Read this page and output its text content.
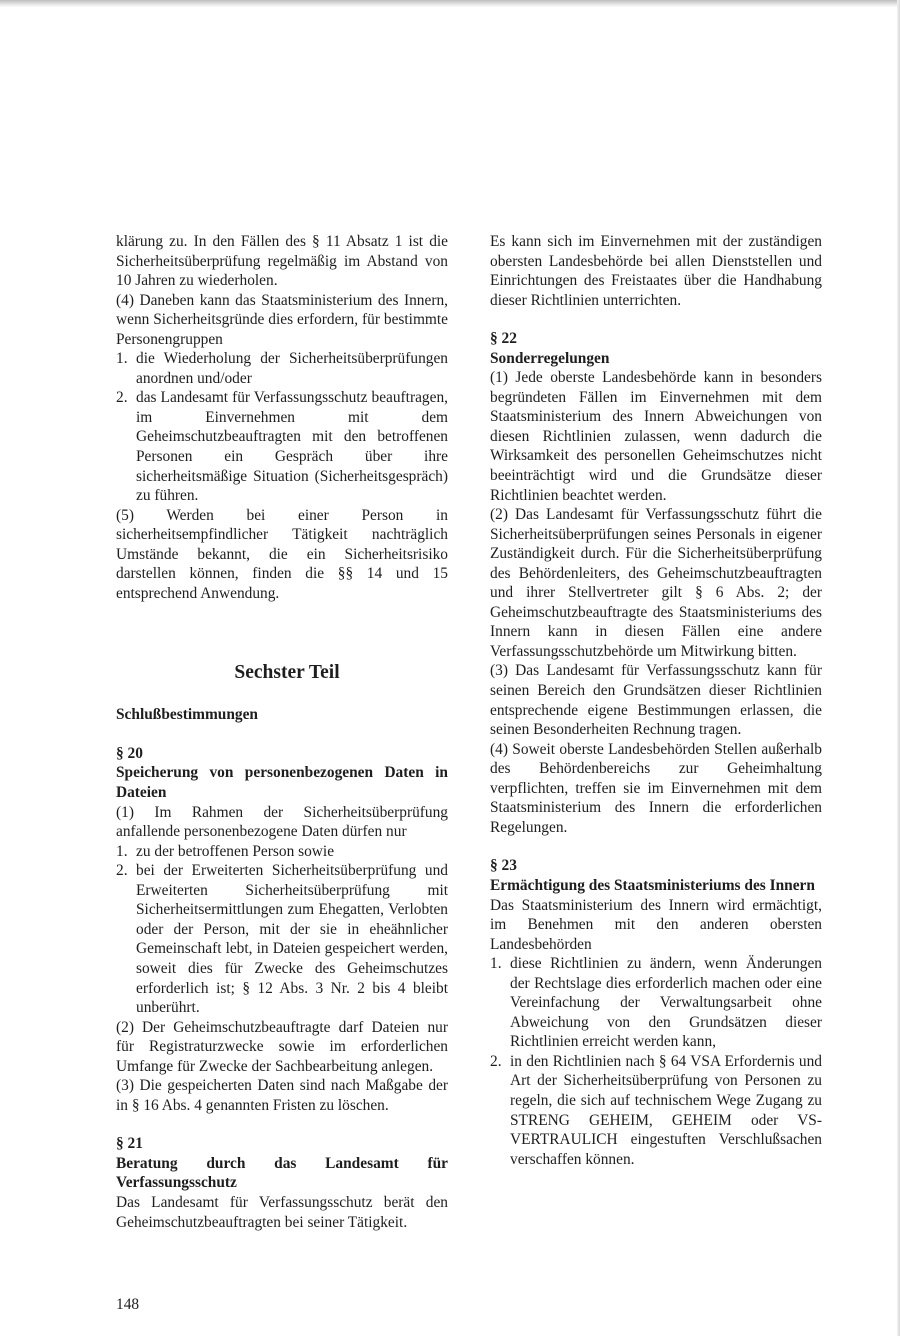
klärung zu. In den Fällen des § 11 Absatz 1 ist die Sicherheitsüberprüfung regelmäßig im Abstand von 10 Jahren zu wiederholen.

(4) Daneben kann das Staatsministerium des Innern, wenn Sicherheitsgründe dies erfordern, für bestimmte Personengruppen

1. die Wiederholung der Sicherheitsüberprüfungen anordnen und/oder
2. das Landesamt für Verfassungsschutz beauftragen, im Einvernehmen mit dem Geheimschutzbeauftragten mit den betroffenen Personen ein Gespräch über ihre sicherheitsmäßige Situation (Sicherheitsgespräch) zu führen.

(5) Werden bei einer Person in sicherheitsempfindlicher Tätigkeit nachträglich Umstände bekannt, die ein Sicherheitsrisiko darstellen können, finden die §§ 14 und 15 entsprechend Anwendung.

Sechster Teil

Schlußbestimmungen

§ 20

Speicherung von personenbezogenen Daten in Dateien

(1) Im Rahmen der Sicherheitsüberprüfung anfallende personenbezogene Daten dürfen nur

1. zu der betroffenen Person sowie
2. bei der Erweiterten Sicherheitsüberprüfung und Erweiterten Sicherheitsüberprüfung mit Sicherheitsermittlungen zum Ehegatten, Verlobten oder der Person, mit der sie in eheähnlicher Gemeinschaft lebt, in Dateien gespeichert werden, soweit dies für Zwecke des Geheimschutzes erforderlich ist; § 12 Abs. 3 Nr. 2 bis 4 bleibt unberührt.

(2) Der Geheimschutzbeauftragte darf Dateien nur für Registraturzwecke sowie im erforderlichen Umfange für Zwecke der Sachbearbeitung anlegen.

(3) Die gespeicherten Daten sind nach Maßgabe der in § 16 Abs. 4 genannten Fristen zu löschen.

§ 21

Beratung durch das Landesamt für Verfassungsschutz

Das Landesamt für Verfassungsschutz berät den Geheimschutzbeauftragten bei seiner Tätigkeit.

Es kann sich im Einvernehmen mit der zuständigen obersten Landesbehörde bei allen Dienststellen und Einrichtungen des Freistaates über die Handhabung dieser Richtlinien unterrichten.

§ 22

Sonderregelungen

(1) Jede oberste Landesbehörde kann in besonders begründeten Fällen im Einvernehmen mit dem Staatsministerium des Innern Abweichungen von diesen Richtlinien zulassen, wenn dadurch die Wirksamkeit des personellen Geheimschutzes nicht beeinträchtigt wird und die Grundsätze dieser Richtlinien beachtet werden.

(2) Das Landesamt für Verfassungsschutz führt die Sicherheitsüberprüfungen seines Personals in eigener Zuständigkeit durch. Für die Sicherheitsüberprüfung des Behördenleiters, des Geheimschutzbeauftragten und ihrer Stellvertreter gilt § 6 Abs. 2; der Geheimschutzbeauftragte des Staatsministeriums des Innern kann in diesen Fällen eine andere Verfassungsschutzbehörde um Mitwirkung bitten.

(3) Das Landesamt für Verfassungsschutz kann für seinen Bereich den Grundsätzen dieser Richtlinien entsprechende eigene Bestimmungen erlassen, die seinen Besonderheiten Rechnung tragen.

(4) Soweit oberste Landesbehörden Stellen außerhalb des Behördenbereichs zur Geheimhaltung verpflichten, treffen sie im Einvernehmen mit dem Staatsministerium des Innern die erforderlichen Regelungen.

§ 23

Ermächtigung des Staatsministeriums des Innern

Das Staatsministerium des Innern wird ermächtigt, im Benehmen mit den anderen obersten Landesbehörden

1. diese Richtlinien zu ändern, wenn Änderungen der Rechtslage dies erforderlich machen oder eine Vereinfachung der Verwaltungsarbeit ohne Abweichung von den Grundsätzen dieser Richtlinien erreicht werden kann,
2. in den Richtlinien nach § 64 VSA Erfordernis und Art der Sicherheitsüberprüfung von Personen zu regeln, die sich auf technischem Wege Zugang zu STRENG GEHEIM, GEHEIM oder VS-VERTRAULICH eingestuften Verschlußsachen verschaffen können.
148
